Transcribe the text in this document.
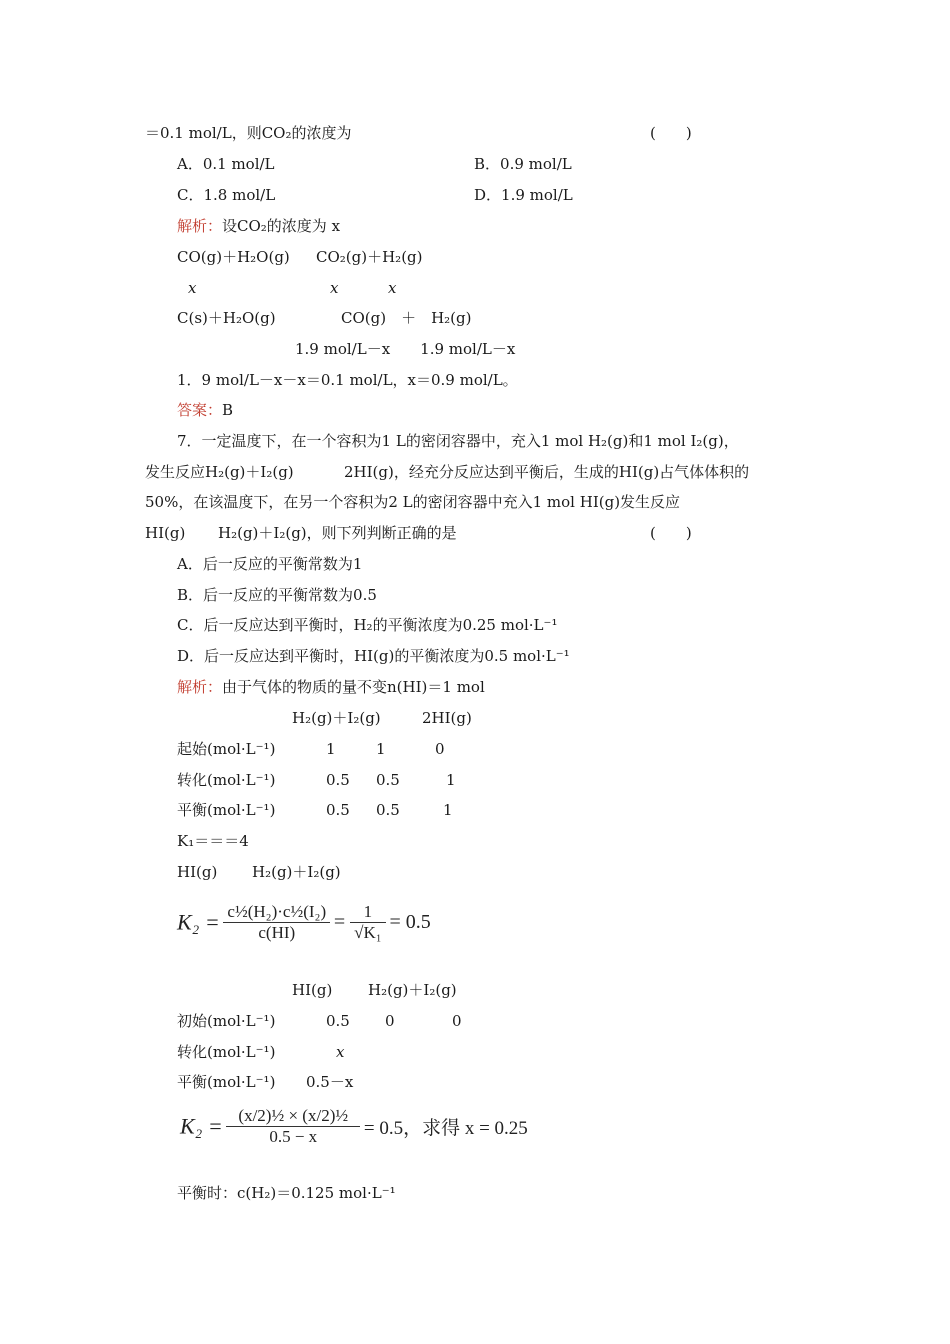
＝0.1 mol/L，则CO₂的浓度为	(　　)
A．0.1 mol/L	B．0.9 mol/L
C．1.8 mol/L	D．1.9 mol/L
解析：设CO₂的浓度为 x
CO(g)＋H₂O(g) CO₂(g)＋H₂(g)
x	x	x
C(s)＋H₂O(g)	CO(g)　＋　H₂(g)
1.9 mol/L－x　　1.9 mol/L－x
1．9 mol/L－x－x＝0.1 mol/L，x＝0.9 mol/L。
答案：B
7．一定温度下，在一个容积为1 L的密闭容器中，充入1 mol H₂(g)和1 mol I₂(g)，
发生反应H₂(g)＋I₂(g)	2HI(g)，经充分反应达到平衡后，生成的HI(g)占气体体积的
50%，在该温度下，在另一个容积为2 L的密闭容器中充入1 mol HI(g)发生反应
HI(g) H₂(g)＋I₂(g)，则下列判断正确的是	(　　)
A．后一反应的平衡常数为1
B．后一反应的平衡常数为0.5
C．后一反应达到平衡时，H₂的平衡浓度为0.25 mol·L⁻¹
D．后一反应达到平衡时，HI(g)的平衡浓度为0.5 mol·L⁻¹
解析：由于气体的物质的量不变n(HI)＝1 mol
H₂(g)＋I₂(g)	2HI(g)
起始(mol·L⁻¹)	1	1	0
转化(mol·L⁻¹)	0.5 0.5	1
平衡(mol·L⁻¹)	0.5 0.5	1
K₁＝＝＝4
HI(g) H₂(g)＋I₂(g)
$K_2 = \frac{\text{c½(H₂)·c½(I₂)}}{c(HI)} = \frac{1}{\text{√K₁}} = 0.5$
HI(g) H₂(g)＋I₂(g)
初始(mol·L⁻¹)	0.5 0	0
转化(mol·L⁻¹)	x
平衡(mol·L⁻¹) 0.5－x
$K_2 = \frac{\text{(x/2)½ × (x/2)½}}{0.5 - x} = 0.5$，求得 x = 0.25
平衡时：c(H₂)＝0.125 mol·L⁻¹
